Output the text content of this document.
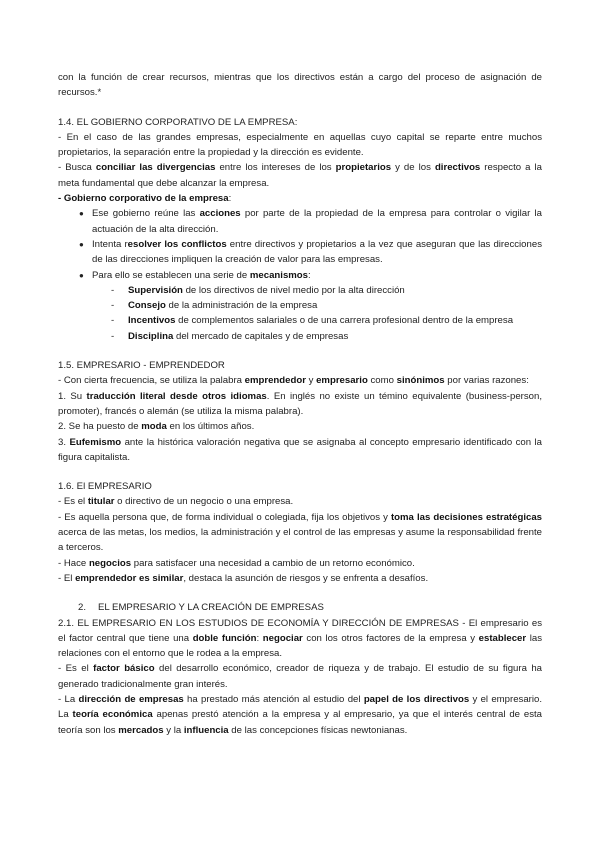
con la función de crear recursos, mientras que los directivos están a cargo del proceso de asignación de recursos.*

1.4. EL GOBIERNO CORPORATIVO DE LA EMPRESA:

- En el caso de las grandes empresas, especialmente en aquellas cuyo capital se reparte entre muchos propietarios, la separación entre la propiedad y la dirección es evidente.

- Busca conciliar las divergencias entre los intereses de los propietarios y de los directivos respecto a la meta fundamental que debe alcanzar la empresa.

- Gobierno corporativo de la empresa:

● Ese gobierno reúne las acciones por parte de la propiedad de la empresa para controlar o vigilar la actuación de la alta dirección.
● Intenta resolver los conflictos entre directivos y propietarios a la vez que aseguran que las direcciones de las direcciones impliquen la creación de valor para las empresas.
● Para ello se establecen una serie de mecanismos:
- Supervisión de los directivos de nivel medio por la alta dirección
- Consejo de la administración de la empresa
- Incentivos de complementos salariales o de una carrera profesional dentro de la empresa
- Disciplina del mercado de capitales y de empresas

1.5. EMPRESARIO - EMPRENDEDOR

- Con cierta frecuencia, se utiliza la palabra emprendedor y empresario como sinónimos por varias razones:

1. Su traducción literal desde otros idiomas. En inglés no existe un témino equivalente (business-person, promoter), francés o alemán (se utiliza la misma palabra).

2. Se ha puesto de moda en los últimos años.

3. Eufemismo ante la histórica valoración negativa que se asignaba al concepto empresario identificado con la figura capitalista.

1.6. El EMPRESARIO

- Es el titular o directivo de un negocio o una empresa.

- Es aquella persona que, de forma individual o colegiada, fija los objetivos y toma las decisiones estratégicas acerca de las metas, los medios, la administración y el control de las empresas y asume la responsabilidad frente a terceros.

- Hace negocios para satisfacer una necesidad a cambio de un retorno económico.

- El emprendedor es similar, destaca la asunción de riesgos y se enfrenta a desafíos.

2. EL EMPRESARIO Y LA CREACIÓN DE EMPRESAS

2.1. EL EMPRESARIO EN LOS ESTUDIOS DE ECONOMÍA Y DIRECCIÓN DE EMPRESAS - El empresario es el factor central que tiene una doble función: negociar con los otros factores de la empresa y establecer las relaciones con el entorno que le rodea a la empresa.

- Es el factor básico del desarrollo económico, creador de riqueza y de trabajo. El estudio de su figura ha generado tradicionalmente gran interés.

- La dirección de empresas ha prestado más atención al estudio del papel de los directivos y el empresario. La teoría económica apenas prestó atención a la empresa y al empresario, ya que el interés central de esta teoría son los mercados y la influencia de las concepciones físicas newtonianas.
